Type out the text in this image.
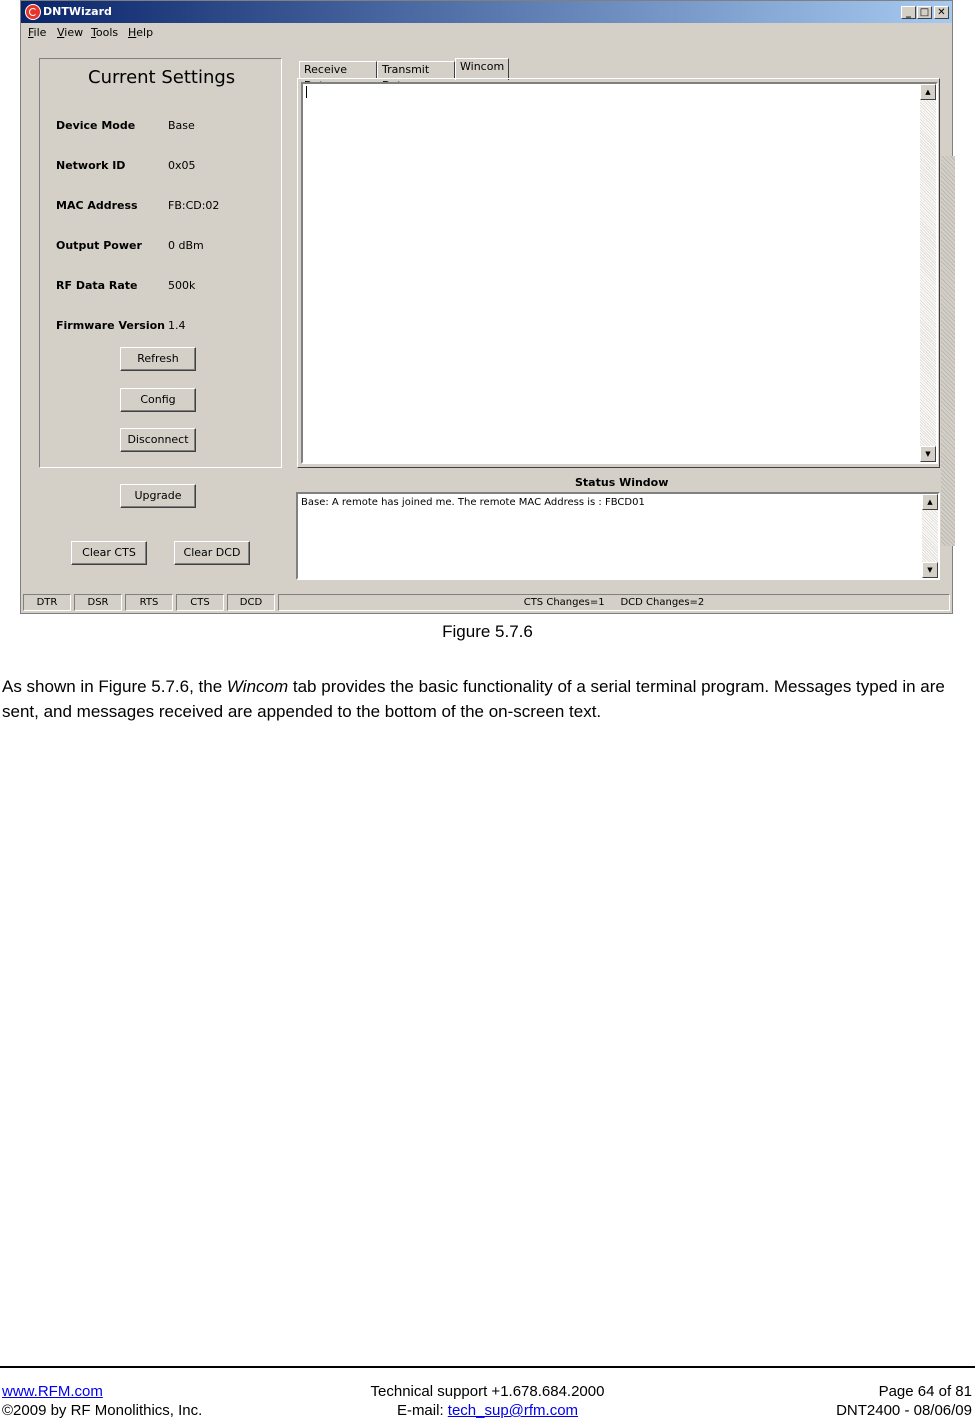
DNTWizard	_ □ ✕
File View Tools Help
Current Settings
Device Mode	Base
Network ID	0x05
MAC Address	FB:CD:02
Output Power 0 dBm
RF Data Rate	500k
Firmware Version 1.4
Refresh
Config
Disconnect
Upgrade
Clear CTS	Clear DCD
Receive	Transmit	Wincom
▲
▼
Status Window
Base: A remote has joined me. The remote MAC Address is : FBCD01	▲
▼
DTR	DSR	RTS	CTS	DCD	CTS Changes=1     DCD Changes=2
Figure 5.7.6

As shown in Figure 5.7.6, the Wincom tab provides the basic functionality of a serial terminal program. Messages typed in are sent, and messages received are appended to the bottom of the on-screen text.

www.RFM.com
©2009 by RF Monolithics, Inc.
Technical support +1.678.684.2000
E-mail: tech_sup@rfm.com
Page 64 of 81
DNT2400 - 08/06/09
